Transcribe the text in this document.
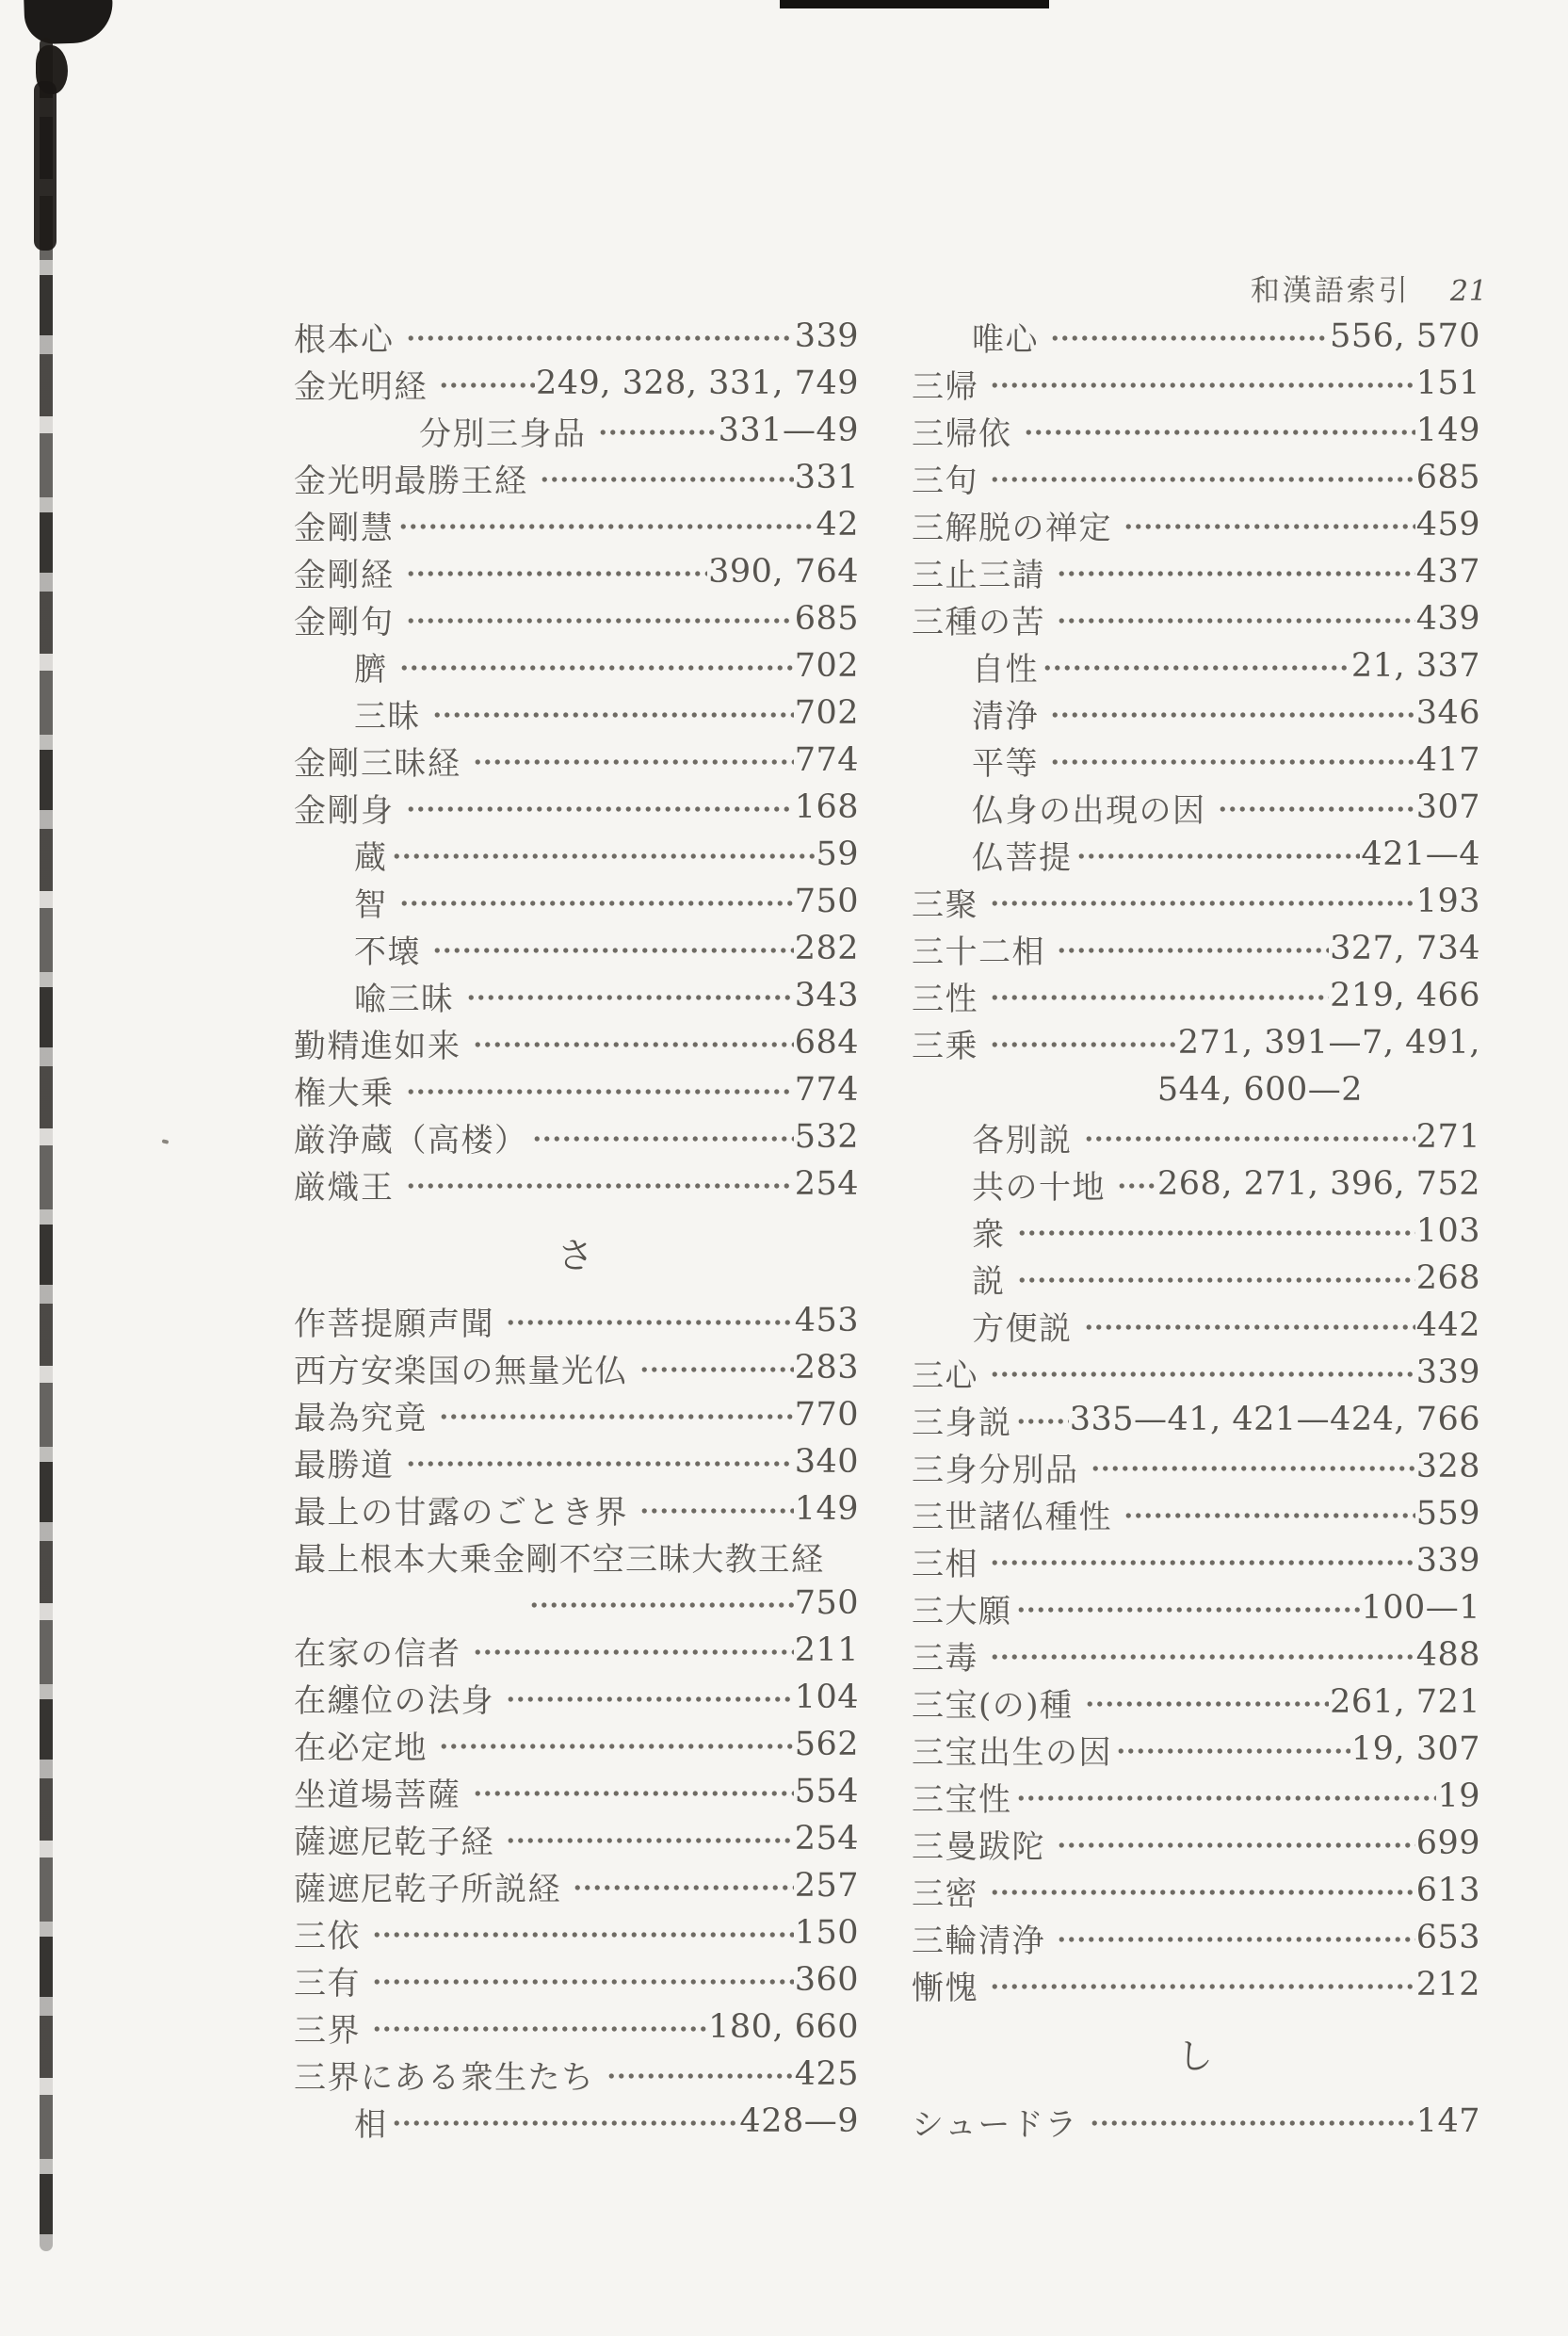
和漢語索引 21
根本心	339
金光明経	249, 328, 331, 749
分別三身品	331—49
金光明最勝王経	331
金剛慧	42
金剛経	390, 764
金剛句	685
臍	702
三昧	702
金剛三昧経	774
金剛身	168
蔵	59
智	750
不壊	282
喩三昧	343
勤精進如来	684
権大乗	774
厳浄蔵（高楼）	532
厳熾王	254
さ
作菩提願声聞	453
西方安楽国の無量光仏	283
最為究竟	770
最勝道	340
最上の甘露のごとき界	149
最上根本大乗金剛不空三昧大教王経
750
在家の信者	211
在纏位の法身	104
在必定地	562
坐道場菩薩	554
薩遮尼乾子経	254
薩遮尼乾子所説経	257
三依	150
三有	360
三界	180, 660
三界にある衆生たち	425
相	428—9
唯心	556, 570
三帰	151
三帰依	149
三句	685
三解脱の禅定	459
三止三請	437
三種の苦	439
自性	21, 337
清浄	346
平等	417
仏身の出現の因	307
仏菩提	421—4
三聚	193
三十二相	327, 734
三性	219, 466
三乗	271, 391—7, 491,
544, 600—2
各別説	271
共の十地 268, 271, 396, 752
衆	103
説	268
方便説	442
三心	339
三身説 335—41, 421—424, 766
三身分別品	328
三世諸仏種性	559
三相	339
三大願	100—1
三毒	488
三宝(の)種	261, 721
三宝出生の因	19, 307
三宝性	19
三曼跋陀	699
三密	613
三輪清浄	653
慚愧	212
し
シュードラ	147
